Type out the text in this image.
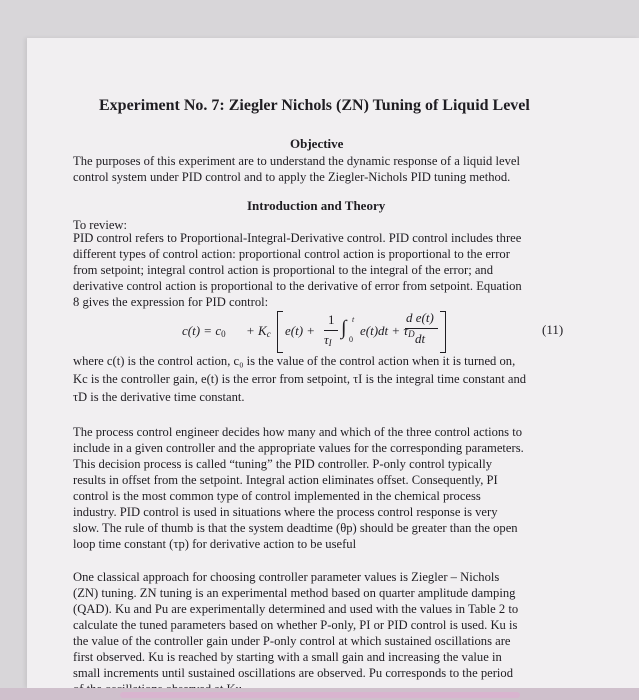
Experiment No. 7: Ziegler Nichols (ZN) Tuning of Liquid Level
Objective
The purposes of this experiment are to understand the dynamic response of a liquid level
control system under PID control and to apply the Ziegler-Nichols PID tuning method.
Introduction and Theory
To review:
PID control refers to Proportional-Integral-Derivative control. PID control includes three
different types of control action: proportional control action is proportional to the error
from setpoint; integral control action is proportional to the integral of the error; and
derivative control action is proportional to the derivative of error from setpoint. Equation
8 gives the expression for PID control:
$c(t) = c_0 + K_c$ e(t) +
1
$\tau_I$
∫ t
0
$e(t)dt + \tau_D$
d e(t)
dt
(11)
where c(t) is the control action, c₀ is the value of the control action when it is turned on,
Kc is the controller gain, e(t) is the error from setpoint, τI is the integral time constant and
τD is the derivative time constant.
The process control engineer decides how many and which of the three control actions to
include in a given controller and the appropriate values for the corresponding parameters.
This decision process is called “tuning” the PID controller. P-only control typically
results in offset from the setpoint. Integral action eliminates offset. Consequently, PI
control is the most common type of control implemented in the chemical process
industry. PID control is used in situations where the process control response is very
slow. The rule of thumb is that the system deadtime (θp) should be greater than the open
loop time constant (τp) for derivative action to be useful
One classical approach for choosing controller parameter values is Ziegler – Nichols
(ZN) tuning. ZN tuning is an experimental method based on quarter amplitude damping
(QAD). Ku and Pu are experimentally determined and used with the values in Table 2 to
calculate the tuned parameters based on whether P-only, PI or PID control is used. Ku is
the value of the controller gain under P-only control at which sustained oscillations are
first observed. Ku is reached by starting with a small gain and increasing the value in
small increments until sustained oscillations are observed. Pu corresponds to the period
